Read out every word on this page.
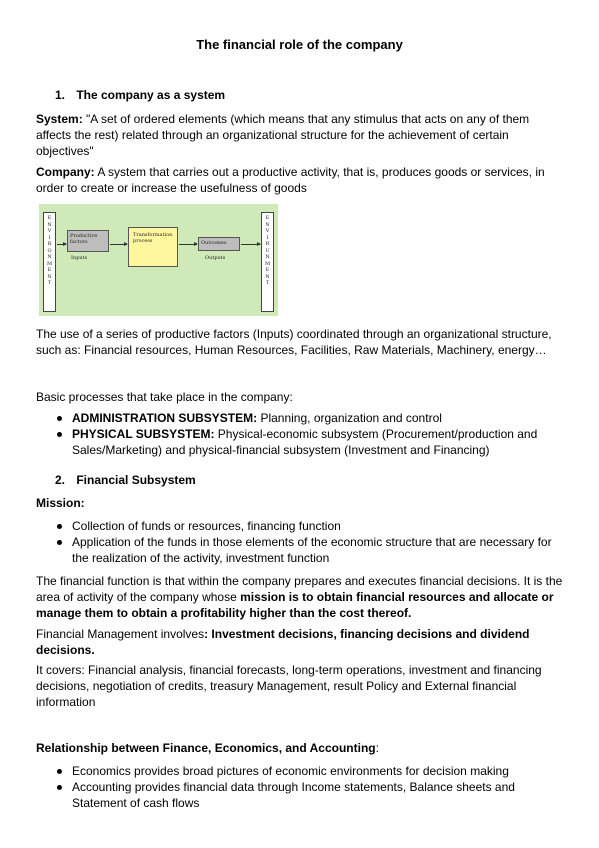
The financial role of the company
1. The company as a system
System: "A set of ordered elements (which means that any stimulus that acts on any of them affects the rest) related through an organizational structure for the achievement of certain objectives"
Company: A system that carries out a productive activity, that is, produces goods or services, in order to create or increase the usefulness of goods
E
N
V
I
R
O
N
M
E
N
T
E
N
V
I
R
U
N
M
E
N
T
Productive factors
Inputs
Transformation process	Outcomes
Outputs
The use of a series of productive factors (Inputs) coordinated through an organizational structure, such as: Financial resources, Human Resources, Facilities, Raw Materials, Machinery, energy…
Basic processes that take place in the company:
ADMINISTRATION SUBSYSTEM: Planning, organization and control
PHYSICAL SUBSYSTEM: Physical-economic subsystem (Procurement/production and Sales/Marketing) and physical-financial subsystem (Investment and Financing)
2. Financial Subsystem
Mission:
Collection of funds or resources, financing function
Application of the funds in those elements of the economic structure that are necessary for the realization of the activity, investment function
The financial function is that within the company prepares and executes financial decisions. It is the area of activity of the company whose mission is to obtain financial resources and allocate or manage them to obtain a profitability higher than the cost thereof.
Financial Management involves: Investment decisions, financing decisions and dividend decisions.
It covers: Financial analysis, financial forecasts, long-term operations, investment and financing decisions, negotiation of credits, treasury Management, result Policy and External financial information
Relationship between Finance, Economics, and Accounting:
Economics provides broad pictures of economic environments for decision making
Accounting provides financial data through Income statements, Balance sheets and Statement of cash flows
